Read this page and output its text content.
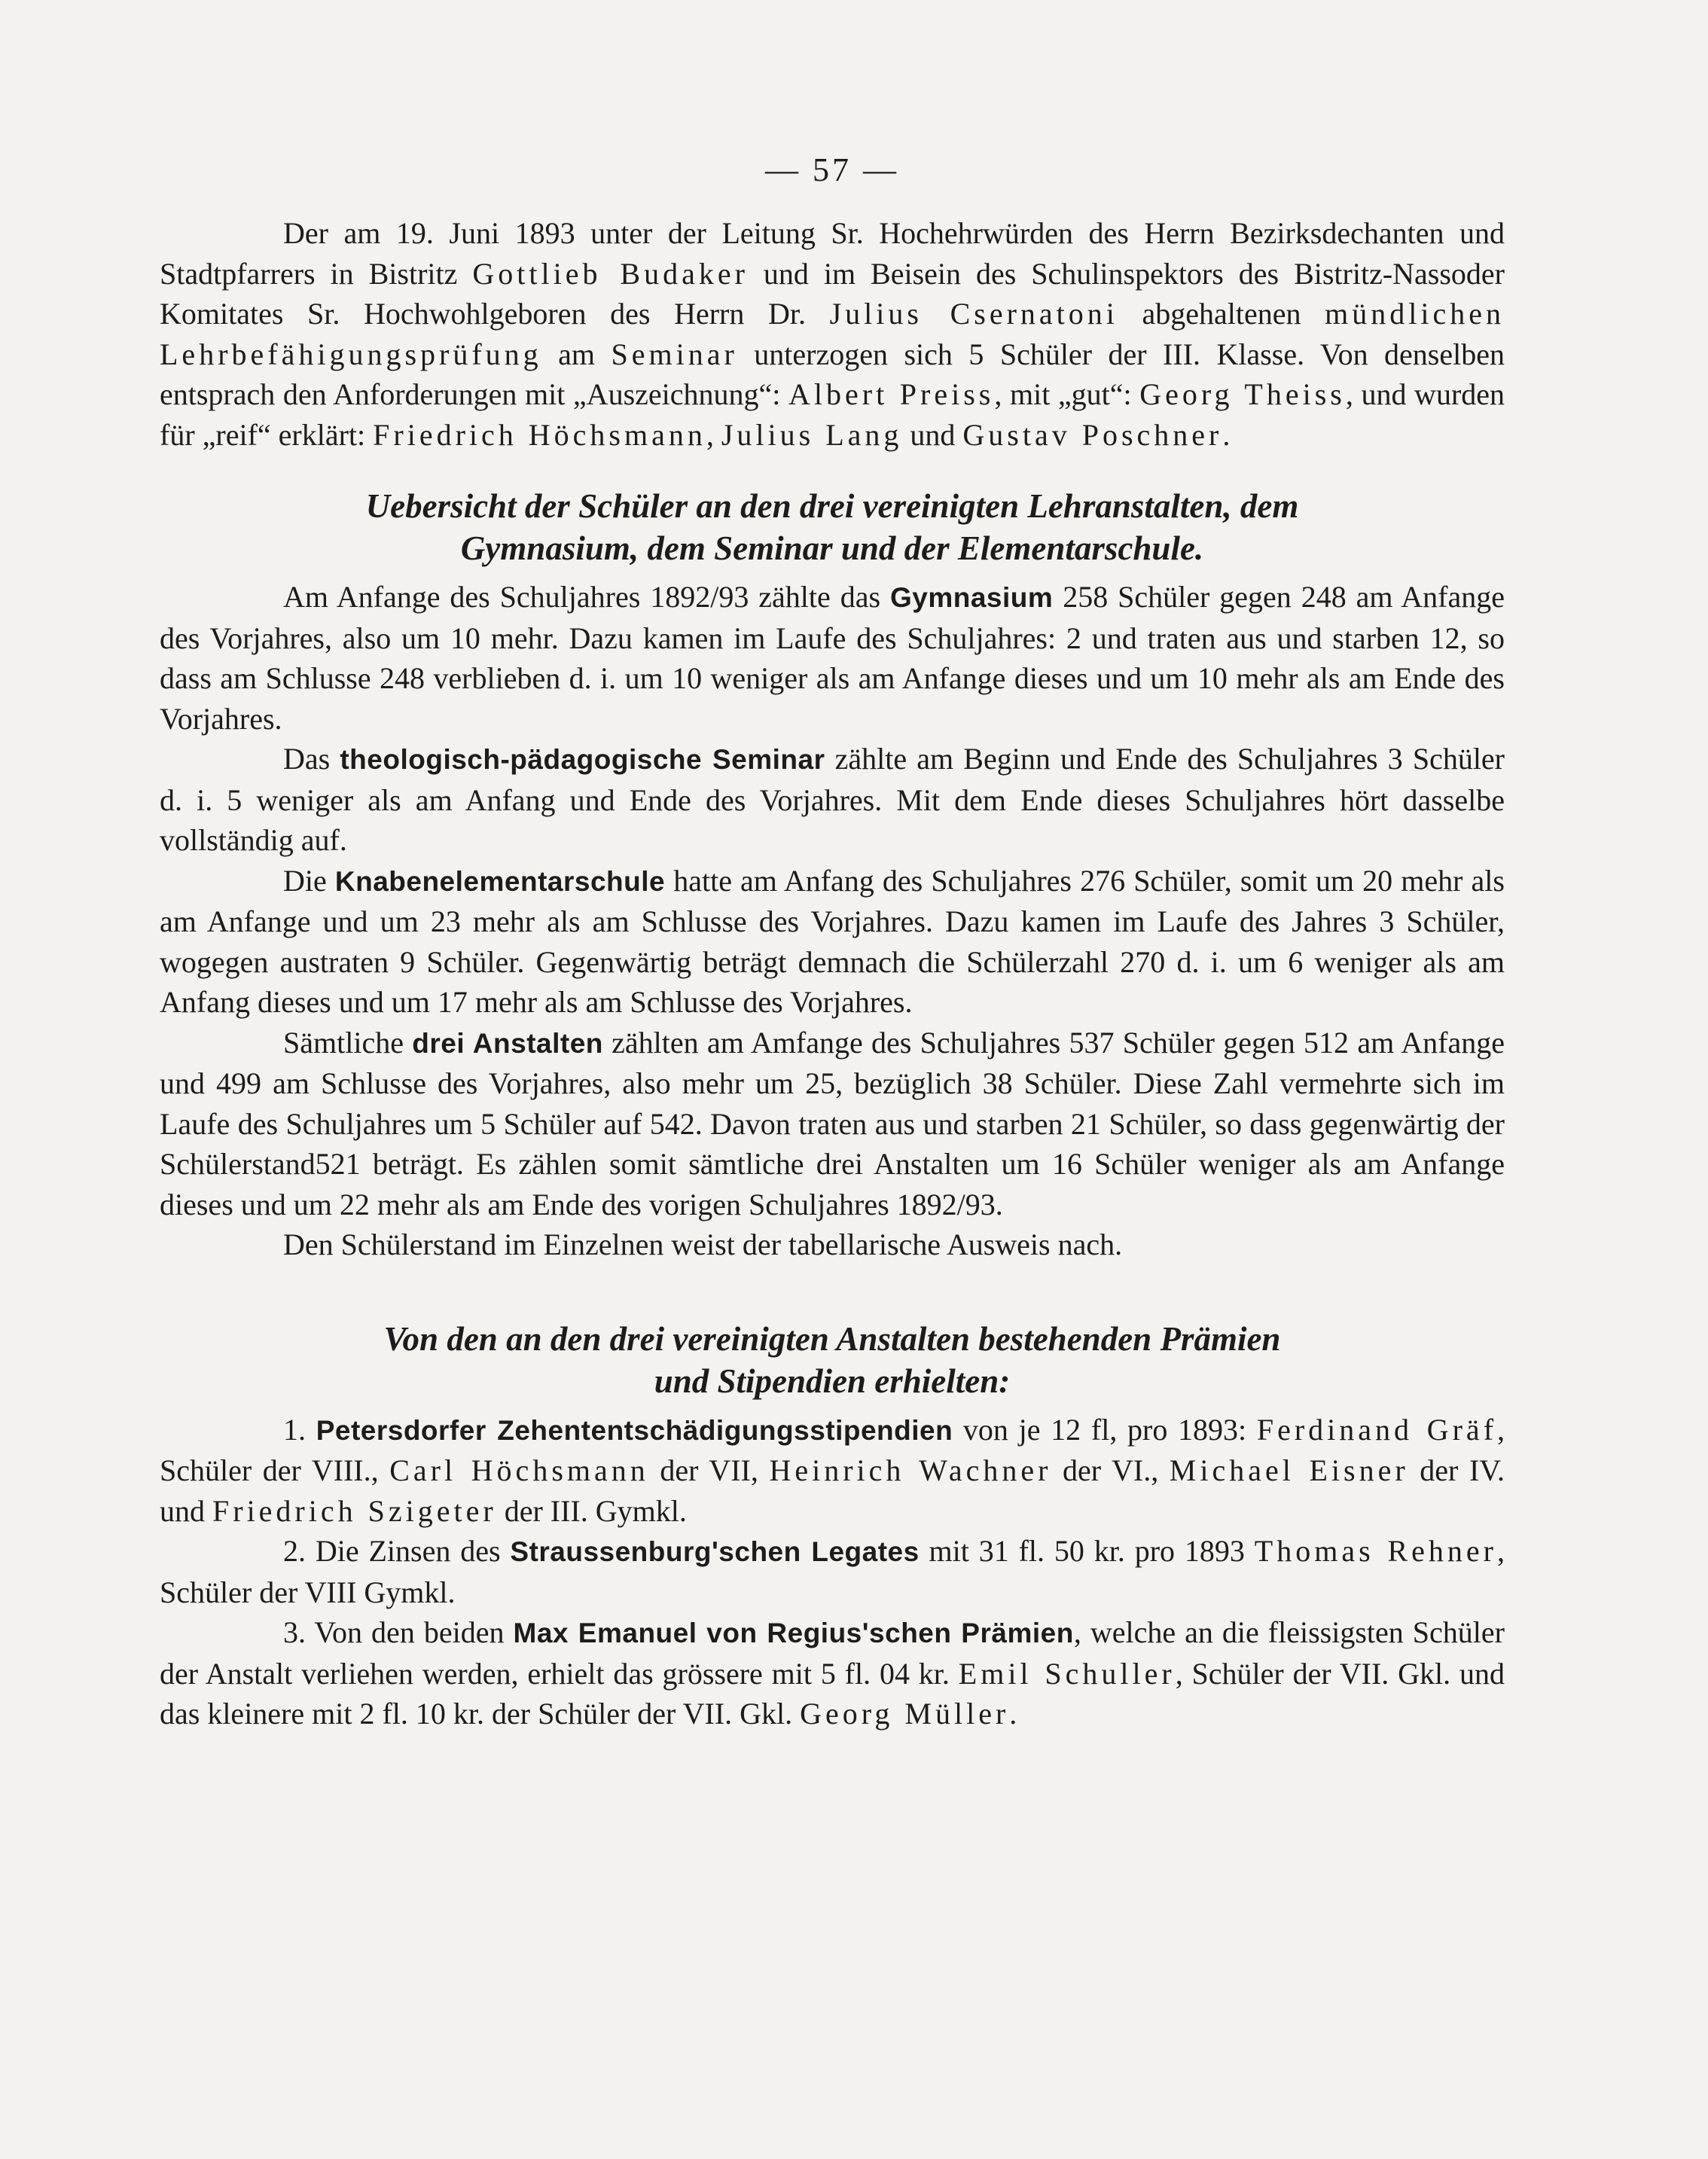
— 57 —

Der am 19. Juni 1893 unter der Leitung Sr. Hochehrwürden des Herrn Bezirksdechanten und Stadtpfarrers in Bistritz Gottlieb Budaker und im Beisein des Schulinspektors des Bistritz-Nassoder Komitates Sr. Hochwohlgeboren des Herrn Dr. Julius Csernatoni abgehaltenen mündlichen Lehrbefähigungsprüfung am Seminar unterzogen sich 5 Schüler der III. Klasse. Von denselben entsprach den Anforderungen mit „Auszeichnung“: Albert Preiss, mit „gut“: Georg Theiss, und wurden für „reif“ erklärt: Friedrich Höchsmann, Julius Lang und Gustav Poschner.

Uebersicht der Schüler an den drei vereinigten Lehranstalten, dem
Gymnasium, dem Seminar und der Elementarschule.

Am Anfange des Schuljahres 1892/93 zählte das Gymnasium 258 Schüler gegen 248 am Anfange des Vorjahres, also um 10 mehr. Dazu kamen im Laufe des Schuljahres: 2 und traten aus und starben 12, so dass am Schlusse 248 verblieben d. i. um 10 weniger als am Anfange dieses und um 10 mehr als am Ende des Vorjahres.

Das theologisch-pädagogische Seminar zählte am Beginn und Ende des Schuljahres 3 Schüler d. i. 5 weniger als am Anfang und Ende des Vorjahres. Mit dem Ende dieses Schuljahres hört dasselbe vollständig auf.

Die Knabenelementarschule hatte am Anfang des Schuljahres 276 Schüler, somit um 20 mehr als am Anfange und um 23 mehr als am Schlusse des Vorjahres. Dazu kamen im Laufe des Jahres 3 Schüler, wogegen austraten 9 Schüler. Gegenwärtig beträgt demnach die Schülerzahl 270 d. i. um 6 weniger als am Anfang dieses und um 17 mehr als am Schlusse des Vorjahres.

Sämtliche drei Anstalten zählten am Amfange des Schuljahres 537 Schüler gegen 512 am Anfange und 499 am Schlusse des Vorjahres, also mehr um 25, bezüglich 38 Schüler. Diese Zahl vermehrte sich im Laufe des Schuljahres um 5 Schüler auf 542. Davon traten aus und starben 21 Schüler, so dass gegenwärtig der Schülerstand521 beträgt. Es zählen somit sämtliche drei Anstalten um 16 Schüler weniger als am Anfange dieses und um 22 mehr als am Ende des vorigen Schuljahres 1892/93.

Den Schülerstand im Einzelnen weist der tabellarische Ausweis nach.

Von den an den drei vereinigten Anstalten bestehenden Prämien
und Stipendien erhielten:

1. Petersdorfer Zehententschädigungsstipendien von je 12 fl, pro 1893: Ferdinand Gräf, Schüler der VIII., Carl Höchsmann der VII, Heinrich Wachner der VI., Michael Eisner der IV. und Friedrich Szigeter der III. Gymkl.

2. Die Zinsen des Straussenburg'schen Legates mit 31 fl. 50 kr. pro 1893 Thomas Rehner, Schüler der VIII Gymkl.

3. Von den beiden Max Emanuel von Regius'schen Prämien, welche an die fleissigsten Schüler der Anstalt verliehen werden, erhielt das grössere mit 5 fl. 04 kr. Emil Schuller, Schüler der VII. Gkl. und das kleinere mit 2 fl. 10 kr. der Schüler der VII. Gkl. Georg Müller.
